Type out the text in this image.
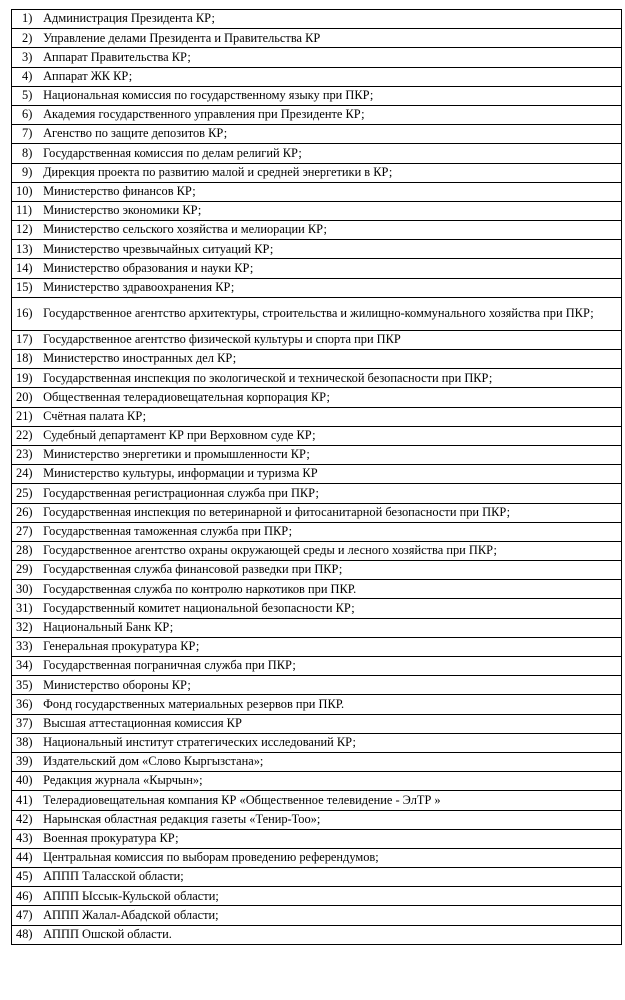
1) Администрация Президента КР;
2) Управление делами Президента и Правительства КР
3) Аппарат Правительства КР;
4) Аппарат ЖК КР;
5) Национальная комиссия по государственному языку при ПКР;
6) Академия государственного управления при Президенте КР;
7) Агенство по защите депозитов КР;
8) Государственная комиссия по делам религий КР;
9) Дирекция проекта по развитию малой и средней энергетики в КР;
10) Министерство финансов КР;
11) Министерство экономики КР;
12) Министерство сельского хозяйства и мелиорации КР;
13) Министерство чрезвычайных ситуаций КР;
14) Министерство образования и науки КР;
15) Министерство здравоохранения КР;
16) Государственное агентство архитектуры, строительства и жилищно-коммунального хозяйства при ПКР;
17) Государственное агентство физической культуры и спорта при ПКР
18) Министерство иностранных дел КР;
19) Государственная инспекция по экологической и технической безопасности при ПКР;
20) Общественная телерадиовещательная корпорация КР;
21) Счётная палата КР;
22) Судебный департамент КР при Верховном суде КР;
23) Министерство энергетики и промышленности КР;
24) Министерство культуры, информации и туризма КР
25) Государственная регистрационная служба при ПКР;
26) Государственная инспекция по ветеринарной и фитосанитарной безопасности при ПКР;
27) Государственная таможенная служба при ПКР;
28) Государственное агентство охраны окружающей среды и лесного хозяйства при ПКР;
29) Государственная служба финансовой разведки при ПКР;
30) Государственная служба по контролю наркотиков при ПКР.
31) Государственный комитет национальной безопасности КР;
32) Национальный Банк КР;
33) Генеральная прокуратура КР;
34) Государственная пограничная служба при ПКР;
35) Министерство обороны КР;
36) Фонд государственных материальных резервов при ПКР.
37) Высшая аттестационная комиссия КР
38) Национальный институт стратегических исследований КР;
39) Издательский дом «Слово Кыргызстана»;
40) Редакция журнала «Кырчын»;
41) Телерадиовещательная компания КР «Общественное телевидение - ЭлТР »
42) Нарынская областная редакция газеты «Тенир-Тоо»;
43) Военная прокуратура КР;
44) Центральная комиссия по выборам проведению референдумов;
45) АППП Таласской области;
46) АППП Ыссык-Кульской области;
47) АППП Жалал-Абадской области;
48) АППП Ошской области.
